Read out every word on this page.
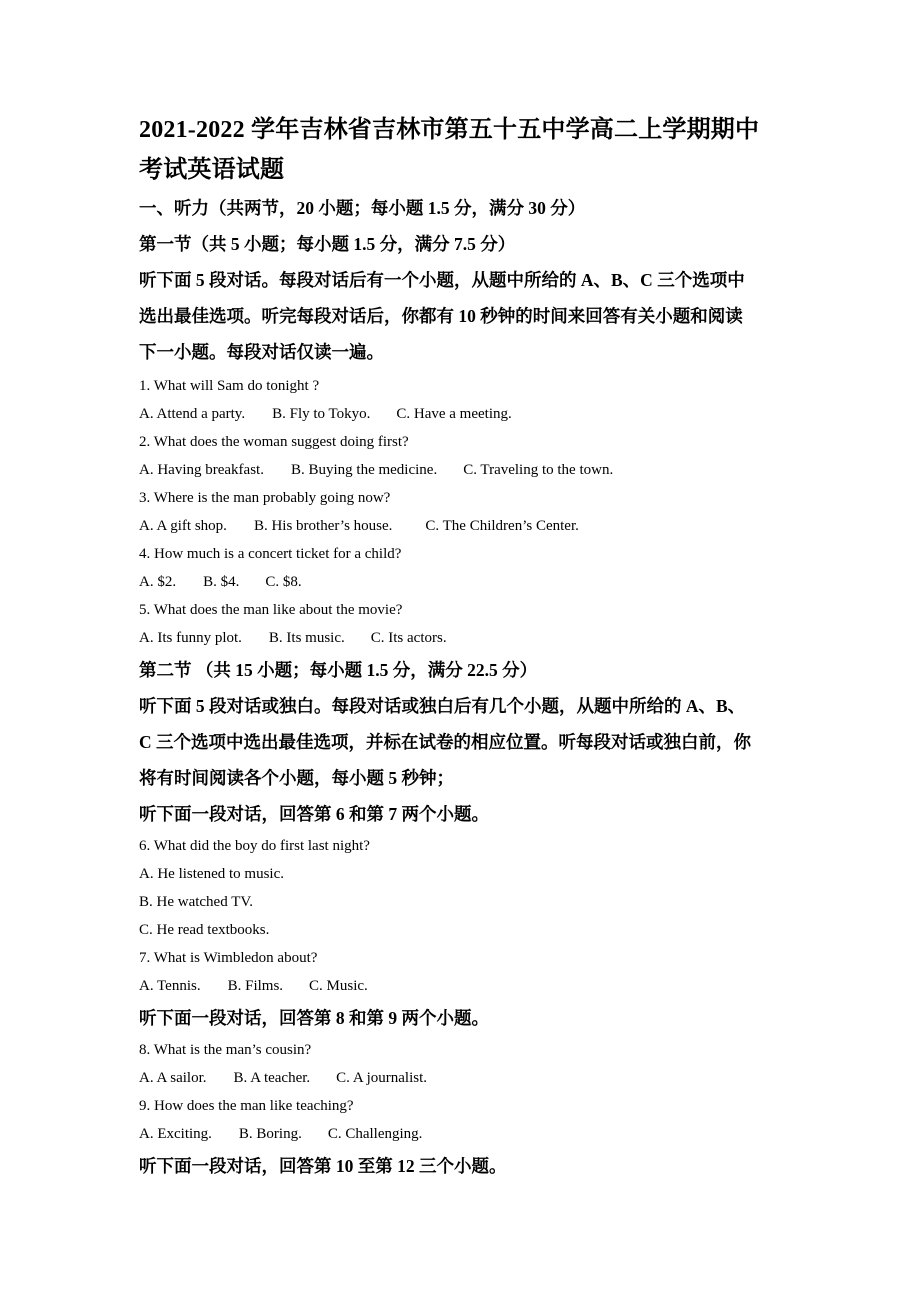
2021-2022 学年吉林省吉林市第五十五中学高二上学期期中
考试英语试题

一、听力（共两节，20 小题；每小题 1.5 分，满分 30 分）

第一节（共 5 小题；每小题 1.5 分，满分 7.5 分）

听下面 5 段对话。每段对话后有一个小题，从题中所给的 A、B、C 三个选项中
选出最佳选项。听完每段对话后，你都有 10 秒钟的时间来回答有关小题和阅读
下一小题。每段对话仅读一遍。

1. What will Sam do tonight ?

A. Attend a party. B. Fly to Tokyo. C. Have a meeting.

2. What does the woman suggest doing first?

A. Having breakfast. B. Buying the medicine. C. Traveling to the town.

3. Where is the man probably going now?

A. A gift shop. B. His brother’s house. C. The Children’s Center.

4. How much is a concert ticket for a child?

A. $2. B. $4. C. $8.

5. What does the man like about the movie?

A. Its funny plot. B. Its music. C. Its actors.

第二节 （共 15 小题；每小题 1.5 分，满分 22.5 分）

听下面 5 段对话或独白。每段对话或独白后有几个小题，从题中所给的 A、B、
C 三个选项中选出最佳选项，并标在试卷的相应位置。听每段对话或独白前，你
将有时间阅读各个小题，每小题 5 秒钟；

听下面一段对话，回答第 6 和第 7 两个小题。

6. What did the boy do first last night?

A. He listened to music.

B. He watched TV.

C. He read textbooks.

7. What is Wimbledon about?

A. Tennis. B. Films. C. Music.

听下面一段对话，回答第 8 和第 9 两个小题。

8. What is the man’s cousin?

A. A sailor. B. A teacher. C. A journalist.

9. How does the man like teaching?

A. Exciting. B. Boring. C. Challenging.

听下面一段对话，回答第 10 至第 12 三个小题。
